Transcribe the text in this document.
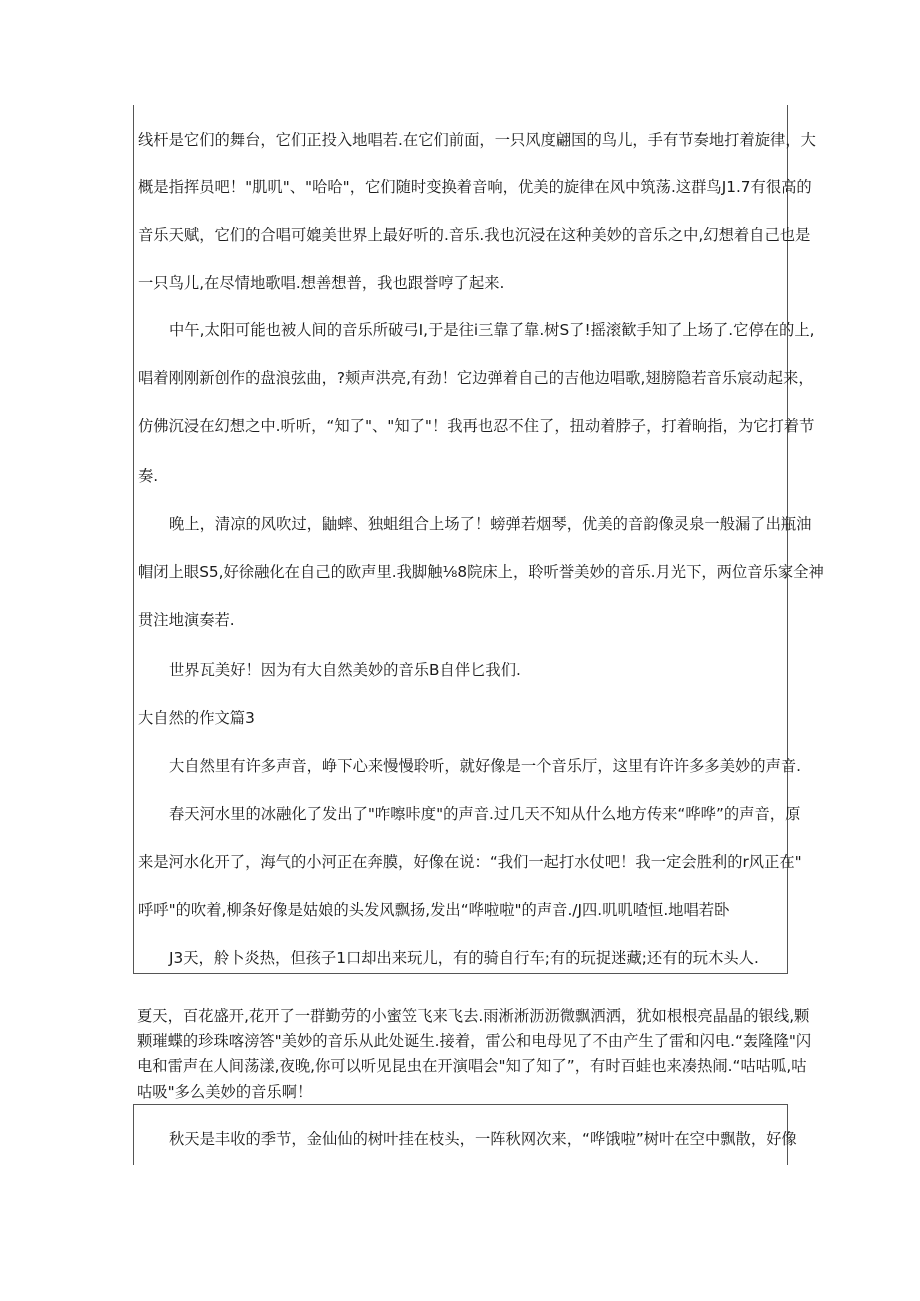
线杆是它们的舞台，它们正投入地唱若.在它们前面，一只风度翩国的鸟儿，手有节奏地打着旋律，大
概是指挥员吧！"肌叽"、"哈哈"，它们随时变换着音响，优美的旋律在风中筑荡.这群鸟J1.7有很高的
音乐天赋，它们的合唱可媲美世界上最好听的.音乐.我也沉浸在这种美妙的音乐之中,幻想着自己也是
一只鸟儿,在尽情地歌唱.想善想普，我也跟誉哼了起来.
中午,太阳可能也被人间的音乐所破弓I,于是往i三靠了靠.树S了!摇滚歓手知了上场了.它停在的上,
唱着刚刚新创作的盘浪弦曲，?颊声洪亮,有劲！它边弹着自己的吉他边唱歌,翅膀隐若音乐宸动起来，
仿佛沉浸在幻想之中.听听，“知了"、"知了"！我再也忍不住了，扭动着脖子，打着晌指，为它打着节
奏.
晚上，清凉的风吹过，鼬蟀、独蛆组合上场了！螃弹若烟琴，优美的音韵像灵泉一般漏了出瓶油
帽闭上眼S5,好徐融化在自己的欧声里.我脚触⅛8院床上，聆听誉美妙的音乐.月光下，两位音乐家全神
贯注地演奏若.
世界瓦美好！因为有大自然美妙的音乐B自伴匕我们.
大自然的作文篇3
大自然里有许多声音，峥下心来慢慢聆听，就好像是一个音乐厅，这里有许许多多美妙的声音.
春天河水里的冰融化了发出了"咋嚓咔度"的声音.过几天不知从什么地方传来“哗哗”的声音，原
来是河水化开了，海气的小河正在奔膜，好像在说：“我们一起打水仗吧！我一定会胜利的r风正在"
呼呼"的吹着,柳条好像是姑娘的头发风飘扬,发出“哗啦啦"的声音./J四.叽叽喳恒.地唱若卧
J3天，舲卜炎热，但孩子1口却出来玩儿，有的骑自行车;有的玩捉迷藏;还有的玩木头人.
夏天，百花盛开,花开了一群勤劳的小蜜笠飞来飞去.雨淅淅沥沥微飘洒洒，犹如根根亮晶晶的银线,颗
颗璀蝶的珍珠喀滂答"美妙的音乐从此处诞生.接着，雷公和电母见了不由产生了雷和闪电.“轰隆隆"闪
电和雷声在人间荡漾,夜晚,你可以听见昆虫在开演唱会"知了知了”，有时百蛙也来凑热闹.“咕咕呱,咕
咕吸"多么美妙的音乐啊！
秋天是丰收的季节，金仙仙的树叶挂在枝头，一阵秋网次来，“哗饿啦”树叶在空中飘散，好像
